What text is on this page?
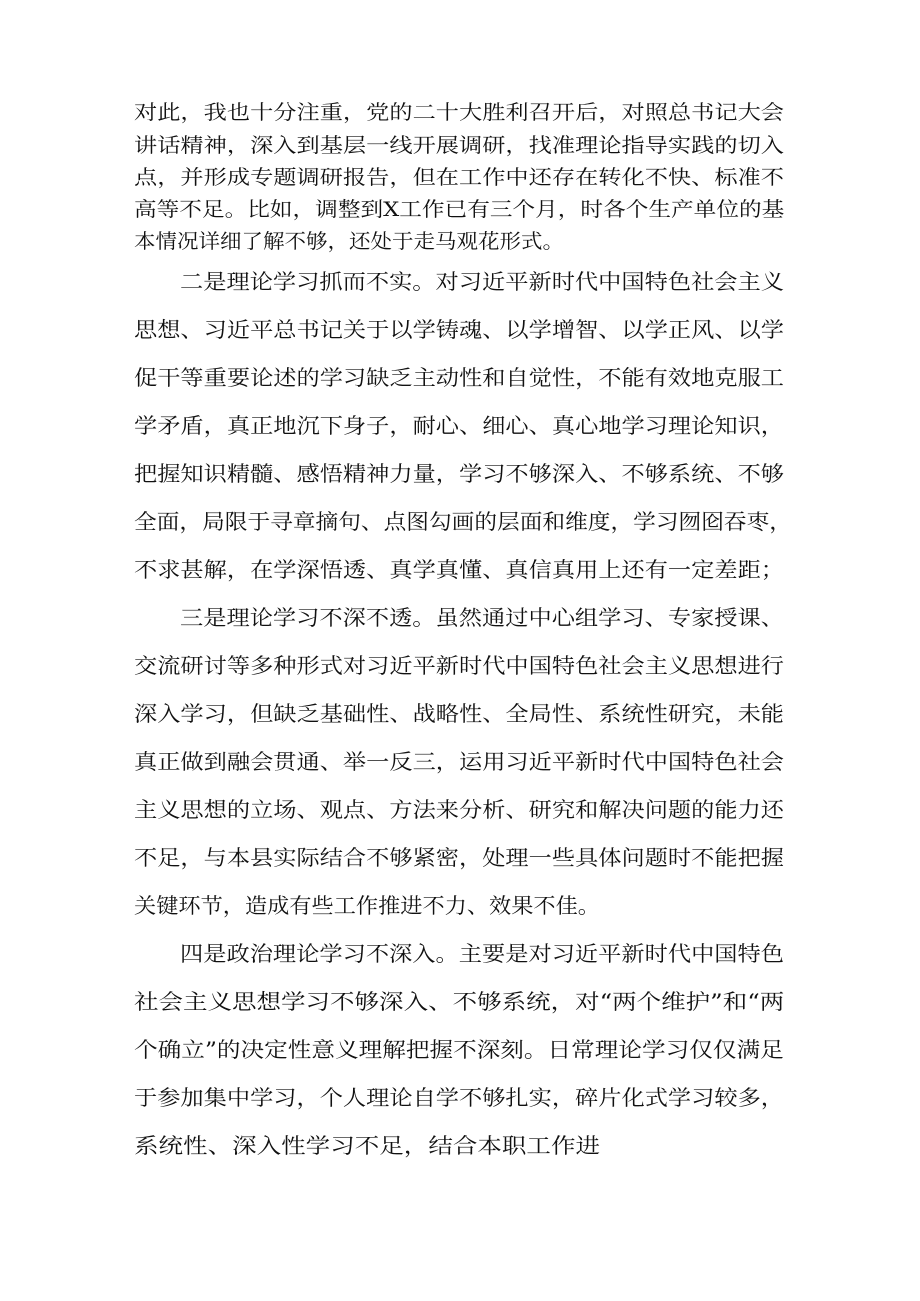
对此，我也十分注重，党的二十大胜利召开后，对照总书记大会
讲话精神，深入到基层一线开展调研，找准理论指导实践的切入
点，并形成专题调研报告，但在工作中还存在转化不快、标准不
高等不足。比如，调整到X工作已有三个月，时各个生产单位的基
本情况详细了解不够，还处于走马观花形式。
二是理论学习抓而不实。对习近平新时代中国特色社会主义
思想、习近平总书记关于以学铸魂、以学增智、以学正风、以学
促干等重要论述的学习缺乏主动性和自觉性，不能有效地克服工
学矛盾，真正地沉下身子，耐心、细心、真心地学习理论知识，
把握知识精髓、感悟精神力量，学习不够深入、不够系统、不够
全面，局限于寻章摘句、点图勾画的层面和维度，学习囫囵吞枣，
不求甚解，在学深悟透、真学真懂、真信真用上还有一定差距；
三是理论学习不深不透。虽然通过中心组学习、专家授课、
交流研讨等多种形式对习近平新时代中国特色社会主义思想进行
深入学习，但缺乏基础性、战略性、全局性、系统性研究，未能
真正做到融会贯通、举一反三，运用习近平新时代中国特色社会
主义思想的立场、观点、方法来分析、研究和解决问题的能力还
不足，与本县实际结合不够紧密，处理一些具体问题时不能把握
关键环节，造成有些工作推进不力、效果不佳。
四是政治理论学习不深入。主要是对习近平新时代中国特色
社会主义思想学习不够深入、不够系统，对“两个维护”和“两
个确立”的决定性意义理解把握不深刻。日常理论学习仅仅满足
于参加集中学习，个人理论自学不够扎实，碎片化式学习较多，
系统性、深入性学习不足，结合本职工作进
